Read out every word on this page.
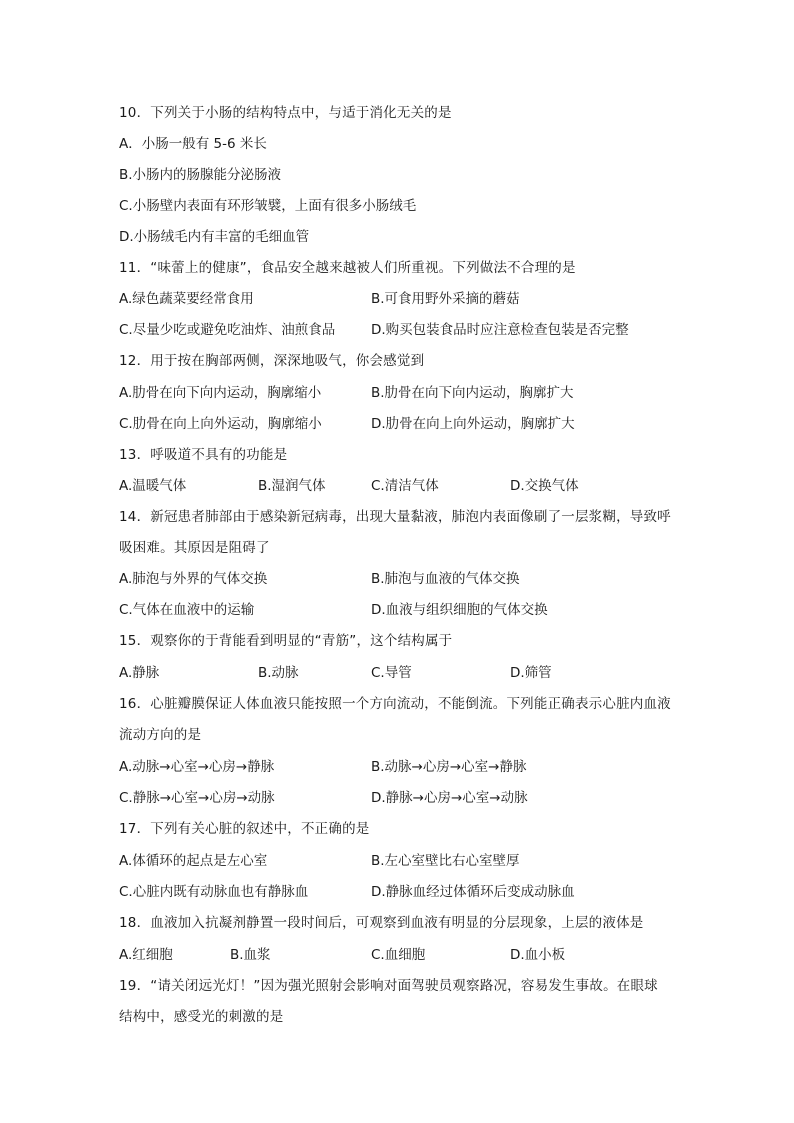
10．下列关于小肠的结构特点中，与适于消化无关的是
A．小肠一般有 5-6 米长
B.小肠内的肠腺能分泌肠液
C.小肠壁内表面有环形皱襞，上面有很多小肠绒毛
D.小肠绒毛内有丰富的毛细血管
11．“味蕾上的健康”，食品安全越来越被人们所重视。下列做法不合理的是
A.绿色蔬菜要经常食用	B.可食用野外采摘的蘑菇
C.尽量少吃或避免吃油炸、油煎食品	D.购买包装食品时应注意检查包装是否完整
12．用于按在胸部两侧，深深地吸气，你会感觉到
A.肋骨在向下向内运动，胸廓缩小	B.肋骨在向下向内运动，胸廓扩大
C.肋骨在向上向外运动，胸廓缩小	D.肋骨在向上向外运动，胸廓扩大
13．呼吸道不具有的功能是
A.温暖气体	B.湿润气体	C.清洁气体	D.交换气体
14．新冠患者肺部由于感染新冠病毒，出现大量黏液，肺泡内表面像刷了一层浆糊，导致呼
吸困难。其原因是阻碍了
A.肺泡与外界的气体交换	B.肺泡与血液的气体交换
C.气体在血液中的运输	D.血液与组织细胞的气体交换
15．观察你的于背能看到明显的“青筋”，这个结构属于
A.静脉	B.动脉	C.导管	D.筛管
16．心脏瓣膜保证人体血液只能按照一个方向流动，不能倒流。下列能正确表示心脏内血液
流动方向的是
A.动脉→心室→心房→静脉	B.动脉→心房→心室→静脉
C.静脉→心室→心房→动脉	D.静脉→心房→心室→动脉
17．下列有关心脏的叙述中，不正确的是
A.体循环的起点是左心室	B.左心室壁比右心室壁厚
C.心脏内既有动脉血也有静脉血	D.静脉血经过体循环后变成动脉血
18．血液加入抗凝剂静置一段时间后，可观察到血液有明显的分层现象，上层的液体是
A.红细胞	B.血浆	C.血细胞	D.血小板
19．“请关闭远光灯！”因为强光照射会影响对面驾驶员观察路况，容易发生事故。在眼球
结构中，感受光的刺激的是
